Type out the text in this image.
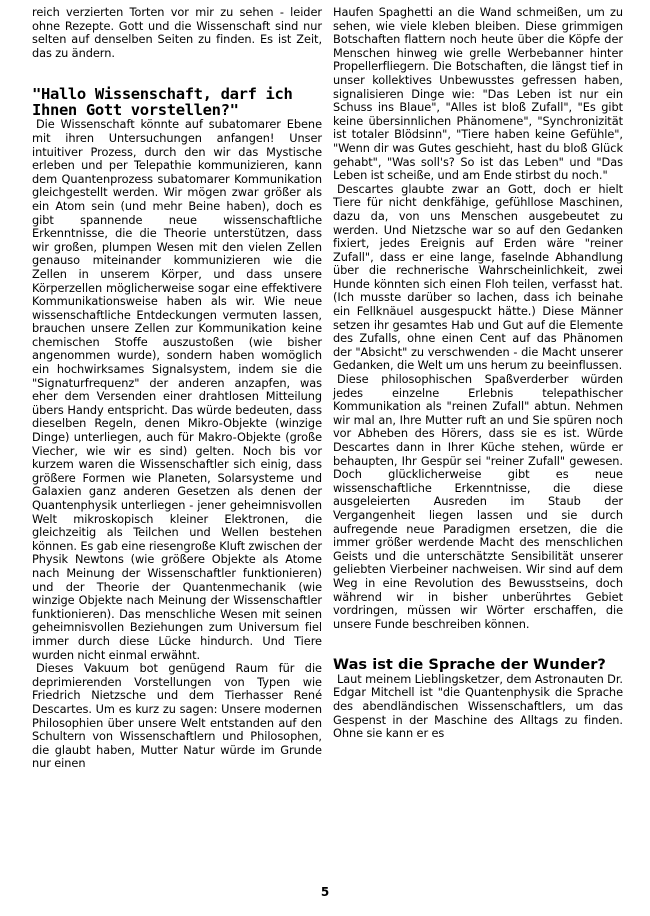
reich verzierten Torten vor mir zu sehen - leider ohne Rezepte. Gott und die Wissenschaft sind nur selten auf denselben Seiten zu finden. Es ist Zeit, das zu ändern.

"Hallo Wissenschaft, darf ich Ihnen Gott vorstellen?"

Die Wissenschaft könnte auf subatomarer Ebene mit ihren Untersuchungen anfangen! Unser intuitiver Prozess, durch den wir das Mystische erleben und per Telepathie kommunizieren, kann dem Quantenprozess subatomarer Kommunikation gleichgestellt werden. Wir mögen zwar größer als ein Atom sein (und mehr Beine haben), doch es gibt spannende neue wissenschaftliche Erkenntnisse, die die Theorie unterstützen, dass wir großen, plumpen Wesen mit den vielen Zellen genauso miteinander kommunizieren wie die Zellen in unserem Körper, und dass unsere Körperzellen möglicherweise sogar eine effektivere Kommunikationsweise haben als wir. Wie neue wissenschaftliche Entdeckungen vermuten lassen, brauchen unsere Zellen zur Kommunikation keine chemischen Stoffe auszustoßen (wie bisher angenommen wurde), sondern haben womöglich ein hochwirksames Signalsystem, indem sie die "Signaturfrequenz" der anderen anzapfen, was eher dem Versenden einer drahtlosen Mitteilung übers Handy entspricht. Das würde bedeuten, dass dieselben Regeln, denen Mikro-Objekte (winzige Dinge) unterliegen, auch für Makro-Objekte (große Viecher, wie wir es sind) gelten. Noch bis vor kurzem waren die Wissenschaftler sich einig, dass größere Formen wie Planeten, Solarsysteme und Galaxien ganz anderen Gesetzen als denen der Quantenphysik unterliegen - jener geheimnisvollen Welt mikroskopisch kleiner Elektronen, die gleichzeitig als Teilchen und Wellen bestehen können. Es gab eine riesengroße Kluft zwischen der Physik Newtons (wie größere Objekte als Atome nach Meinung der Wissenschaftler funktionieren) und der Theorie der Quantenmechanik (wie winzige Objekte nach Meinung der Wissenschaftler funktionieren). Das menschliche Wesen mit seinen geheimnisvollen Beziehungen zum Universum fiel immer durch diese Lücke hindurch. Und Tiere wurden nicht einmal erwähnt.

Dieses Vakuum bot genügend Raum für die deprimierenden Vorstellungen von Typen wie Friedrich Nietzsche und dem Tierhasser René Descartes. Um es kurz zu sagen: Unsere modernen Philosophien über unsere Welt entstanden auf den Schultern von Wissenschaftlern und Philosophen, die glaubt haben, Mutter Natur würde im Grunde nur einen

Haufen Spaghetti an die Wand schmeißen, um zu sehen, wie viele kleben bleiben. Diese grimmigen Botschaften flattern noch heute über die Köpfe der Menschen hinweg wie grelle Werbebanner hinter Propellerfliegern. Die Botschaften, die längst tief in unser kollektives Unbewusstes gefressen haben, signalisieren Dinge wie: "Das Leben ist nur ein Schuss ins Blaue", "Alles ist bloß Zufall", "Es gibt keine übersinnlichen Phänomene", "Synchronizität ist totaler Blödsinn", "Tiere haben keine Gefühle", "Wenn dir was Gutes geschieht, hast du bloß Glück gehabt", "Was soll's? So ist das Leben" und "Das Leben ist scheiße, und am Ende stirbst du noch."

Descartes glaubte zwar an Gott, doch er hielt Tiere für nicht denkfähige, gefühllose Maschinen, dazu da, von uns Menschen ausgebeutet zu werden. Und Nietzsche war so auf den Gedanken fixiert, jedes Ereignis auf Erden wäre "reiner Zufall", dass er eine lange, faselnde Abhandlung über die rechnerische Wahrscheinlichkeit, zwei Hunde könnten sich einen Floh teilen, verfasst hat. (Ich musste darüber so lachen, dass ich beinahe ein Fellknäuel ausgespuckt hätte.) Diese Männer setzen ihr gesamtes Hab und Gut auf die Elemente des Zufalls, ohne einen Cent auf das Phänomen der "Absicht" zu verschwenden - die Macht unserer Gedanken, die Welt um uns herum zu beeinflussen.

Diese philosophischen Spaßverderber würden jedes einzelne Erlebnis telepathischer Kommunikation als "reinen Zufall" abtun. Nehmen wir mal an, Ihre Mutter ruft an und Sie spüren noch vor Abheben des Hörers, dass sie es ist. Würde Descartes dann in Ihrer Küche stehen, würde er behaupten, Ihr Gespür sei "reiner Zufall" gewesen. Doch glücklicherweise gibt es neue wissenschaftliche Erkenntnisse, die diese ausgeleierten Ausreden im Staub der Vergangenheit liegen lassen und sie durch aufregende neue Paradigmen ersetzen, die die immer größer werdende Macht des menschlichen Geists und die unterschätzte Sensibilität unserer geliebten Vierbeiner nachweisen. Wir sind auf dem Weg in eine Revolution des Bewusstseins, doch während wir in bisher unberührtes Gebiet vordringen, müssen wir Wörter erschaffen, die unsere Funde beschreiben können.

Was ist die Sprache der Wunder?

Laut meinem Lieblingsketzer, dem Astronauten Dr. Edgar Mitchell ist "die Quantenphysik die Sprache des abendländischen Wissenschaftlers, um das Gespenst in der Maschine des Alltags zu finden. Ohne sie kann er es

5
